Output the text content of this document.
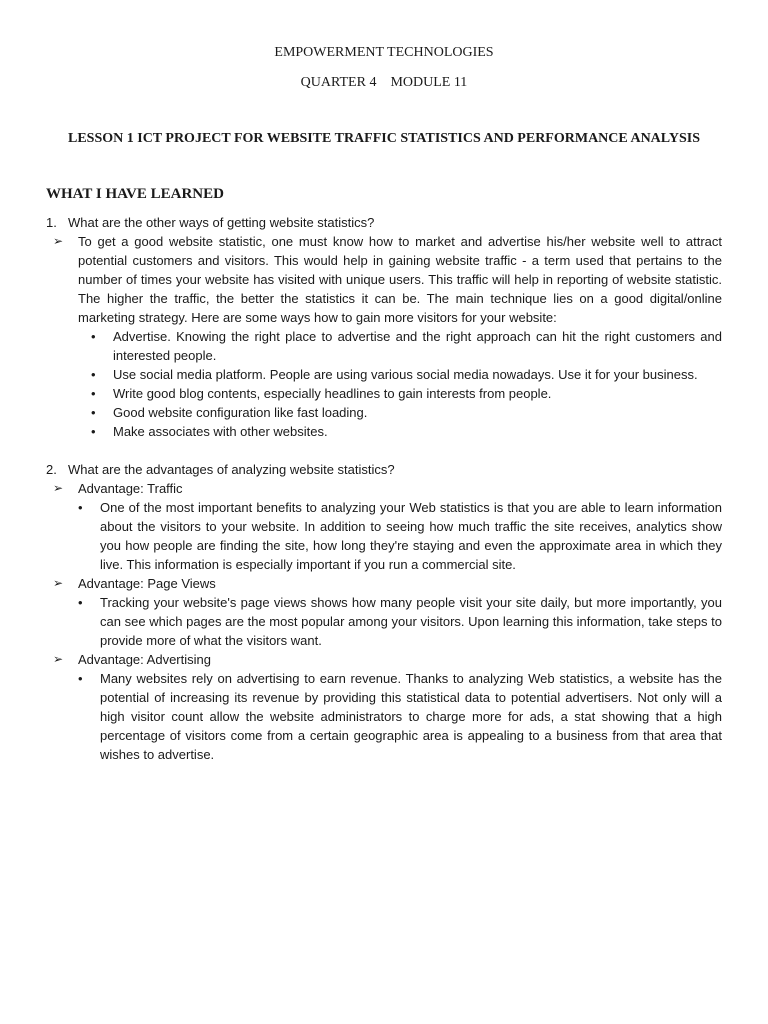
EMPOWERMENT TECHNOLOGIES
QUARTER 4    MODULE 11
LESSON 1 ICT PROJECT FOR WEBSITE TRAFFIC STATISTICS AND PERFORMANCE ANALYSIS
WHAT I HAVE LEARNED

1. What are the other ways of getting website statistics?

➢ To get a good website statistic, one must know how to market and advertise his/her website well to attract potential customers and visitors. This would help in gaining website traffic - a term used that pertains to the number of times your website has visited with unique users. This traffic will help in reporting of website statistic. The higher the traffic, the better the statistics it can be. The main technique lies on a good digital/online marketing strategy. Here are some ways how to gain more visitors for your website:

• Advertise. Knowing the right place to advertise and the right approach can hit the right customers and interested people.
• Use social media platform. People are using various social media nowadays. Use it for your business.
• Write good blog contents, especially headlines to gain interests from people.
• Good website configuration like fast loading.
• Make associates with other websites.

2. What are the advantages of analyzing website statistics?

➢ Advantage: Traffic

• One of the most important benefits to analyzing your Web statistics is that you are able to learn information about the visitors to your website. In addition to seeing how much traffic the site receives, analytics show you how people are finding the site, how long they're staying and even the approximate area in which they live. This information is especially important if you run a commercial site.

➢ Advantage: Page Views

• Tracking your website's page views shows how many people visit your site daily, but more importantly, you can see which pages are the most popular among your visitors. Upon learning this information, take steps to provide more of what the visitors want.

➢ Advantage: Advertising

• Many websites rely on advertising to earn revenue. Thanks to analyzing Web statistics, a website has the potential of increasing its revenue by providing this statistical data to potential advertisers. Not only will a high visitor count allow the website administrators to charge more for ads, a stat showing that a high percentage of visitors come from a certain geographic area is appealing to a business from that area that wishes to advertise.
